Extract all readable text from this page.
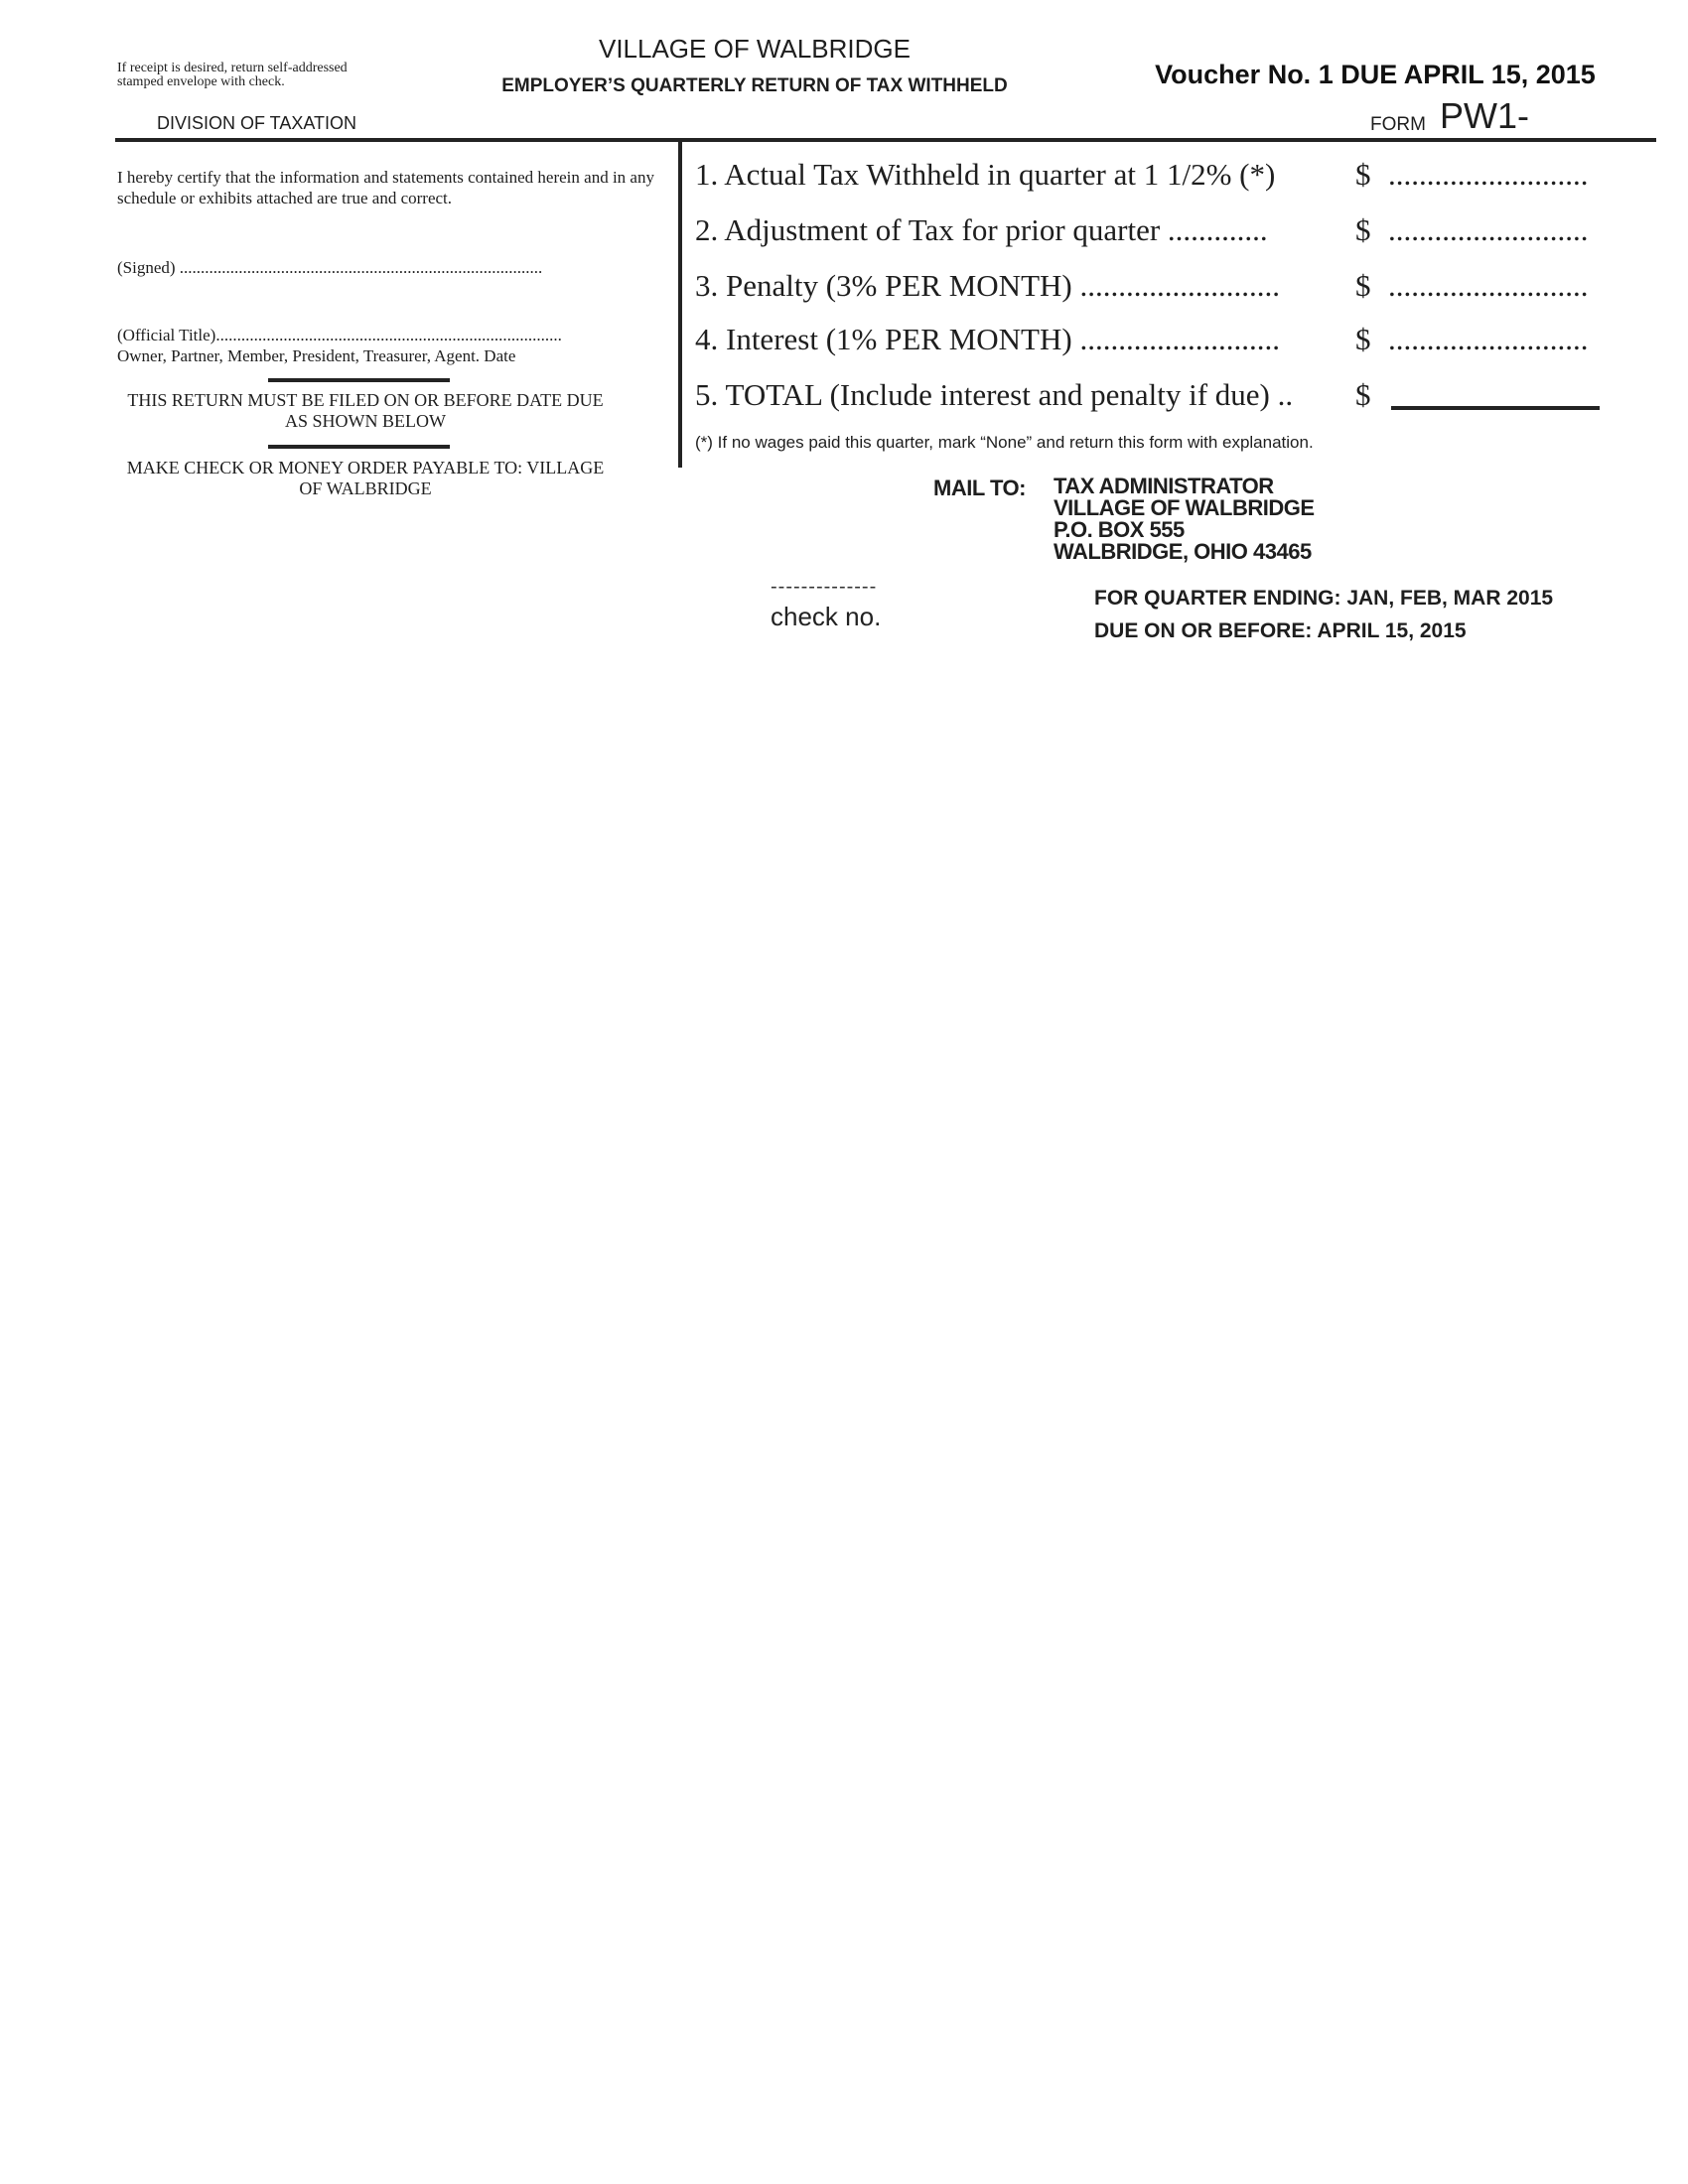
If receipt is desired, return self-addressed stamped envelope with check.
DIVISION OF TAXATION
VILLAGE OF WALBRIDGE
EMPLOYER’S QUARTERLY RETURN OF TAX WITHHELD	Voucher No. 1 DUE APRIL 15, 2015
FORM PW1-
I hereby certify that the information and statements contained herein and in any schedule or exhibits attached are true and correct.
(Signed) ......................................................................................
(Official Title)..................................................................................
Owner, Partner, Member, President, Treasurer, Agent. Date
THIS RETURN MUST BE FILED ON OR BEFORE DATE DUE AS SHOWN BELOW
MAKE CHECK OR MONEY ORDER PAYABLE TO: VILLAGE OF WALBRIDGE
1. Actual Tax Withheld in quarter at 1 1/2% (*)	$ ..........................
2. Adjustment of Tax for prior quarter .............	$ ..........................
3. Penalty (3% PER MONTH) .......................... $ ..........................
4. Interest (1% PER MONTH) .......................... $ ..........................
5. TOTAL (Include interest and penalty if due) .. $
(*) If no wages paid this quarter, mark “None” and return this form with explanation.
MAIL TO: TAX ADMINISTRATOR
VILLAGE OF WALBRIDGE
P.O. BOX 555
WALBRIDGE, OHIO 43465
--------------
check no.
FOR QUARTER ENDING: JAN, FEB, MAR 2015
DUE ON OR BEFORE: APRIL 15, 2015
